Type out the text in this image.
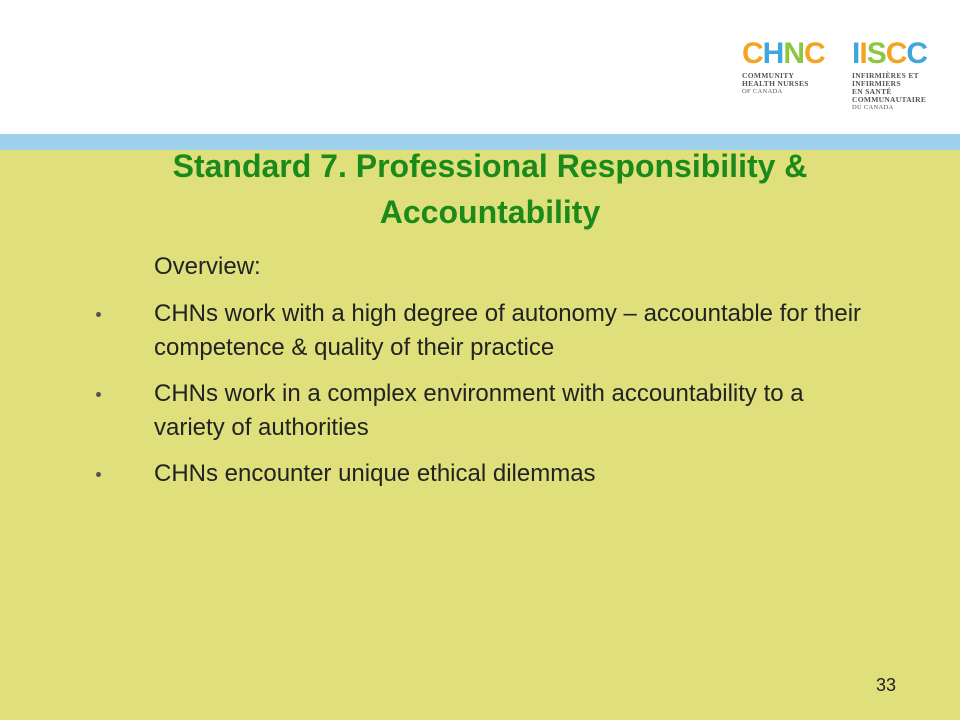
C H N C
COMMUNITY
HEALTH NURSES
OF CANADA
I I S C C
INFIRMIÈRES ET INFIRMIERS
EN SANTÉ COMMUNAUTAIRE
DU CANADA
Standard 7. Professional Responsibility & Accountability
Overview:
CHNs work with a high degree of autonomy – accountable for their competence & quality of their practice
CHNs work in a complex environment with accountability to a variety of authorities
CHNs encounter unique ethical dilemmas
33
